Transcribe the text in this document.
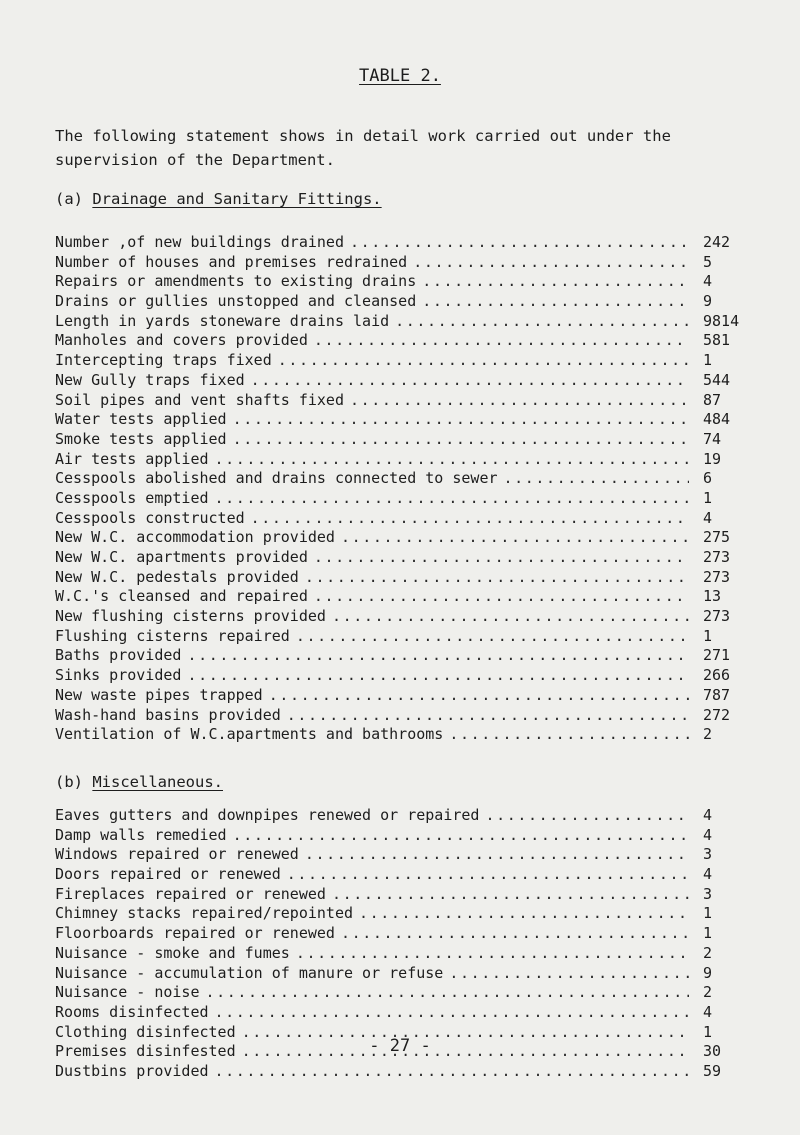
TABLE 2.
The following statement shows in detail work carried out under the supervision of the Department.
(a) Drainage and Sanitary Fittings.
Number ,of new buildings drained .....	242
Number of houses and premises redrained .....	5
Repairs or amendments to existing drains .....	4
Drains or gullies unstopped and cleansed .....	9
Length in yards stoneware drains laid .....	9814
Manholes and covers provided .....	581
Intercepting traps fixed .....	1
New Gully traps fixed .....	544
Soil pipes and vent shafts fixed .....	87
Water tests applied .....	484
Smoke tests applied .....	74
Air tests applied .....	19
Cesspools abolished and drains connected to sewer .....	6
Cesspools emptied .....	1
Cesspools constructed .....	4
New W.C. accommodation provided .....	275
New W.C. apartments provided .....	273
New W.C. pedestals provided .....	273
W.C.'s cleansed and repaired .....	13
New flushing cisterns provided .....	273
Flushing cisterns repaired .....	1
Baths provided .....	271
Sinks provided .....	266
New waste pipes trapped .....	787
Wash-hand basins provided .....	272
Ventilation of W.C.apartments and bathrooms .....	2
(b) Miscellaneous.
Eaves gutters and downpipes renewed or repaired .....	4
Damp walls remedied .....	4
Windows repaired or renewed .....	3
Doors repaired or renewed .....	4
Fireplaces repaired or renewed .....	3
Chimney stacks repaired/repointed .....	1
Floorboards repaired or renewed .....	1
Nuisance - smoke and fumes .....	2
Nuisance - accumulation of manure or refuse .....	9
Nuisance - noise .....	2
Rooms disinfected .....	4
Clothing disinfected .....	1
Premises disinfested .....	30
Dustbins provided .....	59
- 27 -
